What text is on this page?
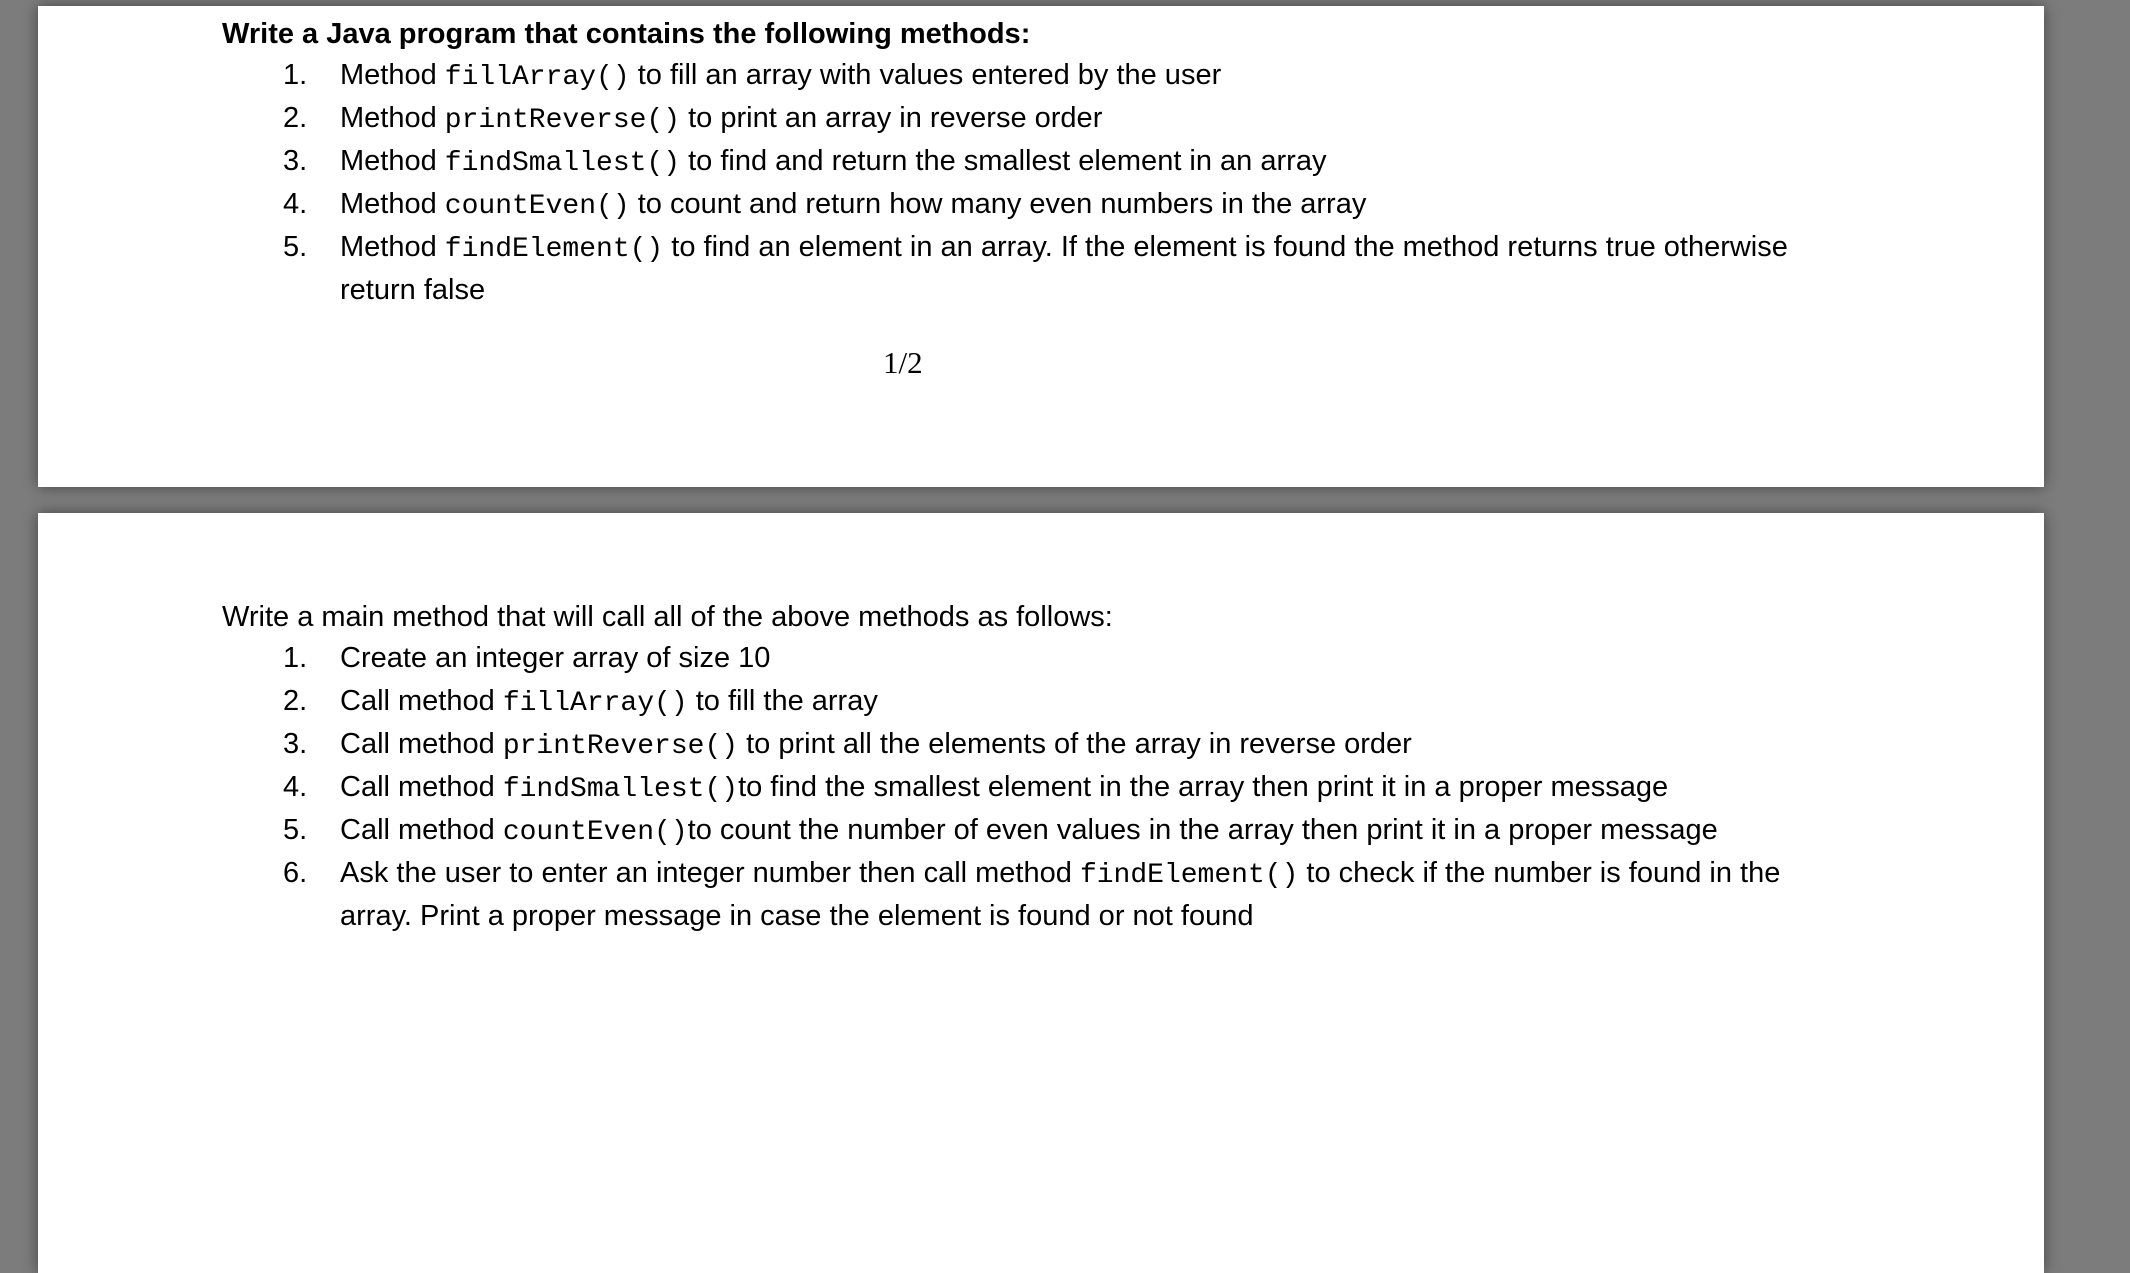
Write a Java program that contains the following methods:
1.	Method fillArray() to fill an array with values entered by the user
2.	Method printReverse() to print an array in reverse order
3.	Method findSmallest() to find and return the smallest element in an array
4.	Method countEven() to count and return how many even numbers in the array
5.	Method findElement() to find an element in an array. If the element is found the method returns true otherwise return false
1/2
Write a main method that will call all of the above methods as follows:
1.	Create an integer array of size 10
2.	Call method fillArray() to fill the array
3.	Call method printReverse() to print all the elements of the array in reverse order
4.	Call method findSmallest()to find the smallest element in the array then print it in a proper message
5.	Call method countEven()to count the number of even values in the array then print it in a proper message
6.	Ask the user to enter an integer number then call method findElement() to check if the number is found in the array. Print a proper message in case the element is found or not found
